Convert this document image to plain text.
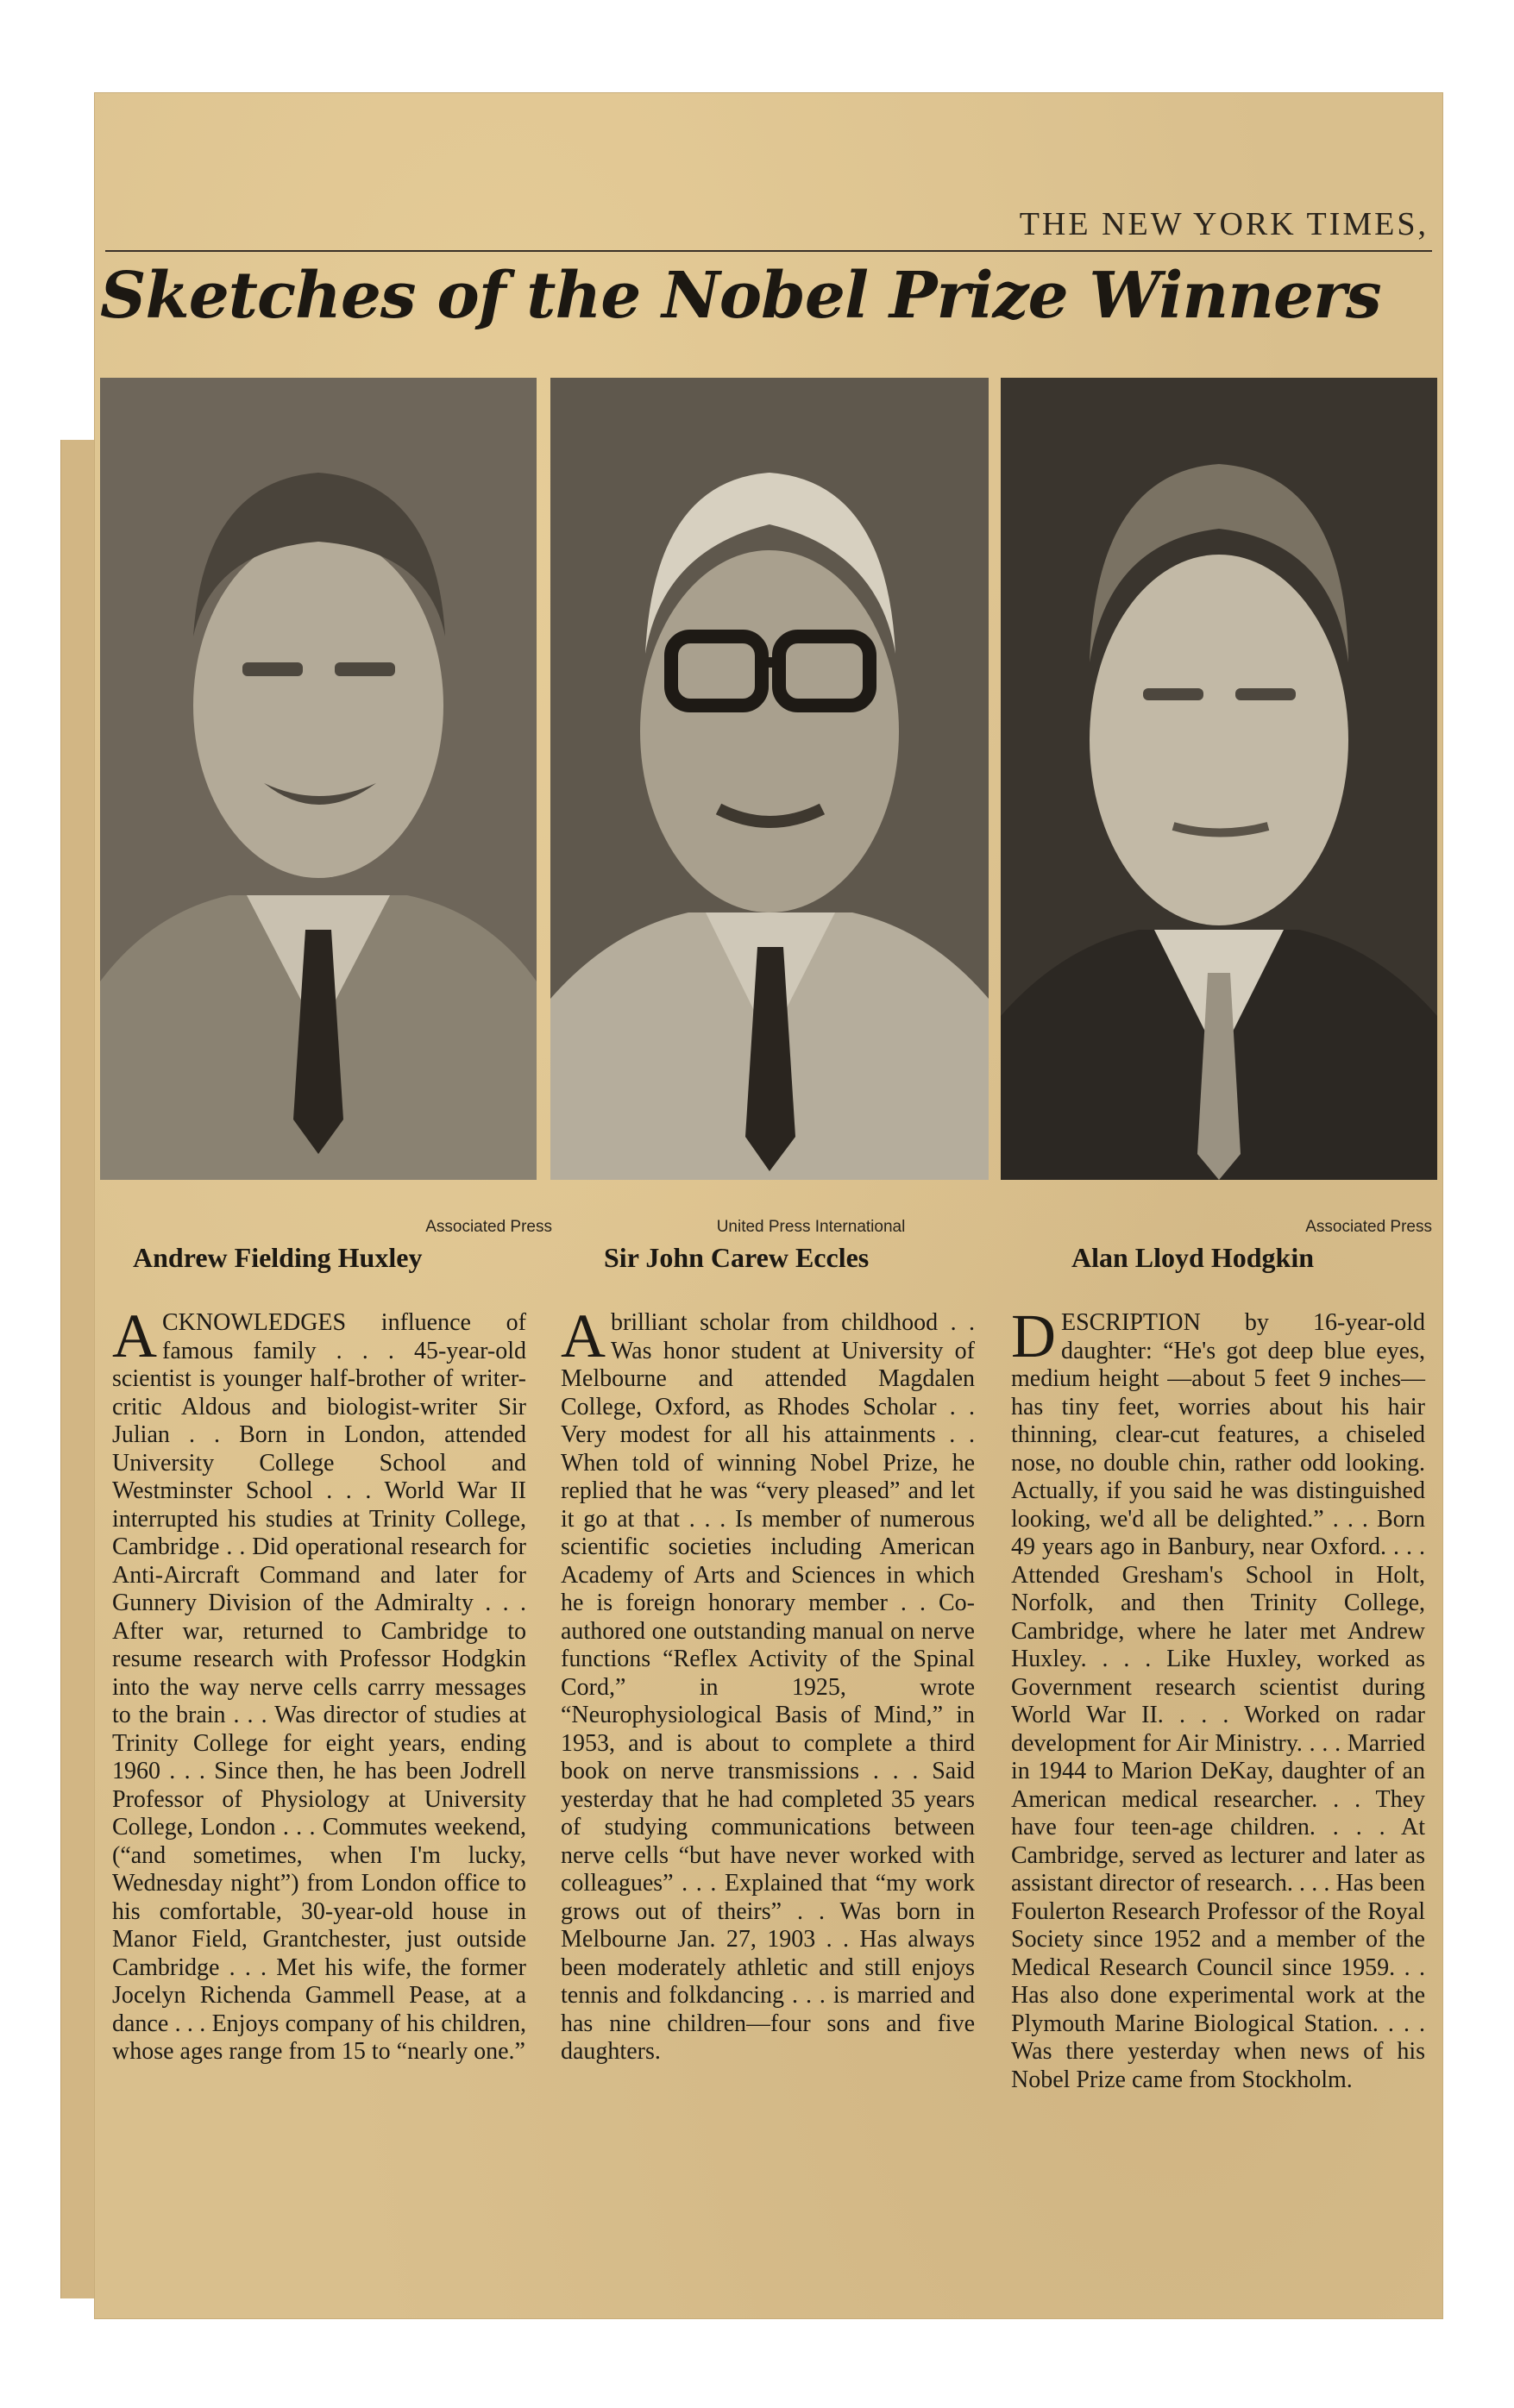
THE NEW YORK TIMES,

Sketches of the Nobel Prize Winners
Associated Press
Andrew Fielding Huxley
United Press International
Sir John Carew Eccles
Associated Press
Alan Lloyd Hodgkin

ACKNOWLEDGES influence of famous family . . . 45-year-old scientist is younger half-brother of writer-critic Aldous and biologist-writer Sir Julian . . Born in London, attended University College School and Westminster School . . . World War II interrupted his studies at Trinity College, Cambridge . . Did operational research for Anti-Aircraft Command and later for Gunnery Division of the Admiralty . . . After war, returned to Cambridge to resume research with Professor Hodgkin into the way nerve cells carrry messages to the brain . . . Was director of studies at Trinity College for eight years, ending 1960 . . . Since then, he has been Jodrell Professor of Physiology at University College, London . . . Commutes weekend, (“and sometimes, when I'm lucky, Wednesday night”) from London office to his comfortable, 30-year-old house in Manor Field, Grantchester, just outside Cambridge . . . Met his wife, the former Jocelyn Richenda Gammell Pease, at a dance . . . Enjoys company of his children, whose ages range from 15 to “nearly one.”

Abrilliant scholar from childhood . . Was honor student at University of Melbourne and attended Magdalen College, Oxford, as Rhodes Scholar . . Very modest for all his attainments . . When told of winning Nobel Prize, he replied that he was “very pleased” and let it go at that . . . Is member of numerous scientific societies including American Academy of Arts and Sciences in which he is foreign honorary member . . Co-authored one outstanding manual on nerve functions “Reflex Activity of the Spinal Cord,” in 1925, wrote “Neurophysiological Basis of Mind,” in 1953, and is about to complete a third book on nerve transmissions . . . Said yesterday that he had completed 35 years of studying communications between nerve cells “but have never worked with colleagues” . . . Explained that “my work grows out of theirs” . . Was born in Melbourne Jan. 27, 1903 . . Has always been moderately athletic and still enjoys tennis and folkdancing . . . is married and has nine children—four sons and five daughters.

DESCRIPTION by 16-year-old daughter: “He's got deep blue eyes, medium height —about 5 feet 9 inches—has tiny feet, worries about his hair thinning, clear-cut features, a chiseled nose, no double chin, rather odd looking. Actually, if you said he was distinguished looking, we'd all be delighted.” . . . Born 49 years ago in Banbury, near Oxford. . . . Attended Gresham's School in Holt, Norfolk, and then Trinity College, Cambridge, where he later met Andrew Huxley. . . . Like Huxley, worked as Government research scientist during World War II. . . . Worked on radar development for Air Ministry. . . . Married in 1944 to Marion DeKay, daughter of an American medical researcher. . . They have four teen-age children. . . . At Cambridge, served as lecturer and later as assistant director of research. . . . Has been Foulerton Research Professor of the Royal Society since 1952 and a member of the Medical Research Council since 1959. . . Has also done experimental work at the Plymouth Marine Biological Station. . . . Was there yesterday when news of his Nobel Prize came from Stockholm.
